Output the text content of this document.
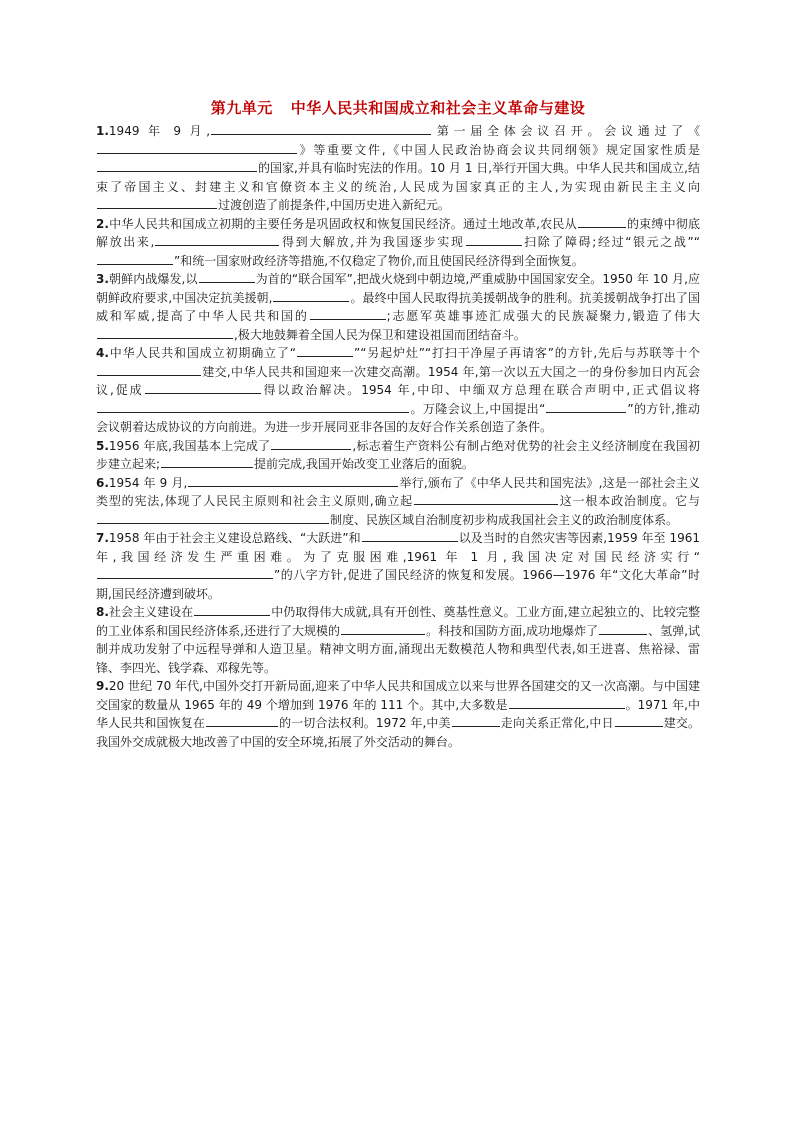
第九单元 中华人民共和国成立和社会主义革命与建设

1.1949 年 9 月,	第一届全体会议召开。会议通过了《》等重要文件,《中国人民政治协商会议共同纲领》规定国家性质是的国家,并具有临时宪法的作用。10 月 1 日,举行开国大典。中华人民共和国成立,结束了帝国主义、封建主义和官僚资本主义的统治,人民成为国家真正的主人,为实现由新民主主义向过渡创造了前提条件,中国历史进入新纪元。

2.中华人民共和国成立初期的主要任务是巩固政权和恢复国民经济。通过土地改革,农民从	的束缚中彻底解放出来,	得到大解放,并为我国逐步实现	扫除了障碍;经过“银元之战”“”和统一国家财政经济等措施,不仅稳定了物价,而且使国民经济得到全面恢复。

3.朝鲜内战爆发,以	为首的“联合国军”,把战火烧到中朝边境,严重威胁中国国家安全。1950 年 10 月,应朝鲜政府要求,中国决定抗美援朝,	。最终中国人民取得抗美援朝战争的胜利。抗美援朝战争打出了国威和军威,提高了中华人民共和国的	;志愿军英雄事迹汇成强大的民族凝聚力,锻造了伟大,极大地鼓舞着全国人民为保卫和建设祖国而团结奋斗。

4.中华人民共和国成立初期确立了“	”“另起炉灶”“打扫干净屋子再请客”的方针,先后与苏联等十个建交,中华人民共和国迎来一次建交高潮。1954 年,第一次以五大国之一的身份参加日内瓦会议,促成	得以政治解决。1954 年,中印、中缅双方总理在联合声明中,正式倡议将。万隆会议上,中国提出“	”的方针,推动会议朝着达成协议的方向前进。为进一步开展同亚非各国的友好合作关系创造了条件。

5.1956 年底,我国基本上完成了	,标志着生产资料公有制占绝对优势的社会主义经济制度在我国初步建立起来;	提前完成,我国开始改变工业落后的面貌。

6.1954 年 9 月,	举行,颁布了《中华人民共和国宪法》,这是一部社会主义类型的宪法,体现了人民民主原则和社会主义原则,确立起	这一根本政治制度。它与制度、民族区域自治制度初步构成我国社会主义的政治制度体系。

7.1958 年由于社会主义建设总路线、“大跃进”和	以及当时的自然灾害等因素,1959 年至 1961 年,我国经济发生严重困难。为了克服困难,1961 年 1 月,我国决定对国民经济实行“”的八字方针,促进了国民经济的恢复和发展。1966—1976 年“文化大革命”时期,国民经济遭到破坏。

8.社会主义建设在	中仍取得伟大成就,具有开创性、奠基性意义。工业方面,建立起独立的、比较完整的工业体系和国民经济体系,还进行了大规模的	。科技和国防方面,成功地爆炸了	、氢弹,试制并成功发射了中远程导弹和人造卫星。精神文明方面,涌现出无数模范人物和典型代表,如王进喜、焦裕禄、雷锋、李四光、钱学森、邓稼先等。

9.20 世纪 70 年代,中国外交打开新局面,迎来了中华人民共和国成立以来与世界各国建交的又一次高潮。与中国建交国家的数量从 1965 年的 49 个增加到 1976 年的 111 个。其中,大多数是	。1971 年,中华人民共和国恢复在	的一切合法权利。1972 年,中美	走向关系正常化,中日	建交。我国外交成就极大地改善了中国的安全环境,拓展了外交活动的舞台。
